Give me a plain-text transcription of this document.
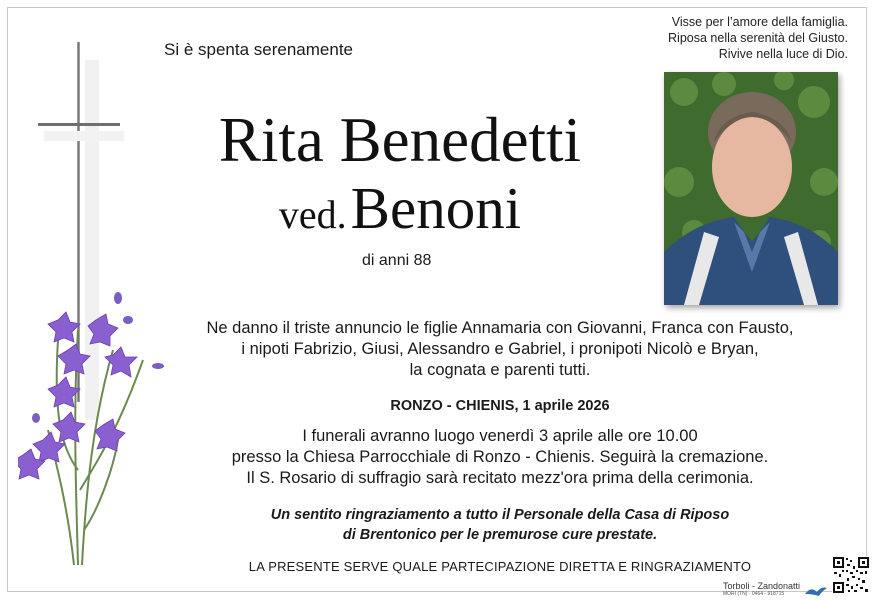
Si è spenta serenamente
Visse per l’amore della famiglia.
Riposa nella serenità del Giusto.
Rivive nella luce di Dio.
Rita Benedetti
ved. Benoni
di anni 88
Ne danno il triste annuncio le figlie Annamaria con Giovanni, Franca con Fausto,
i nipoti Fabrizio, Giusi, Alessandro e Gabriel, i pronipoti Nicolò e Bryan,
la cognata e parenti tutti.
RONZO - CHIENIS, 1 aprile 2026
I funerali avranno luogo venerdì 3 aprile alle ore 10.00
presso la Chiesa Parrocchiale di Ronzo - Chienis. Seguirà la cremazione.
Il S. Rosario di suffragio sarà recitato mezz'ora prima della cerimonia.
Un sentito ringraziamento a tutto il Personale della Casa di Riposo
di Brentonico per le premurose cure prestate.
LA PRESENTE SERVE QUALE PARTECIPAZIONE DIRETTA E RINGRAZIAMENTO
Torboli - Zandonatti
MORI (TN) · 0464 - 918715
